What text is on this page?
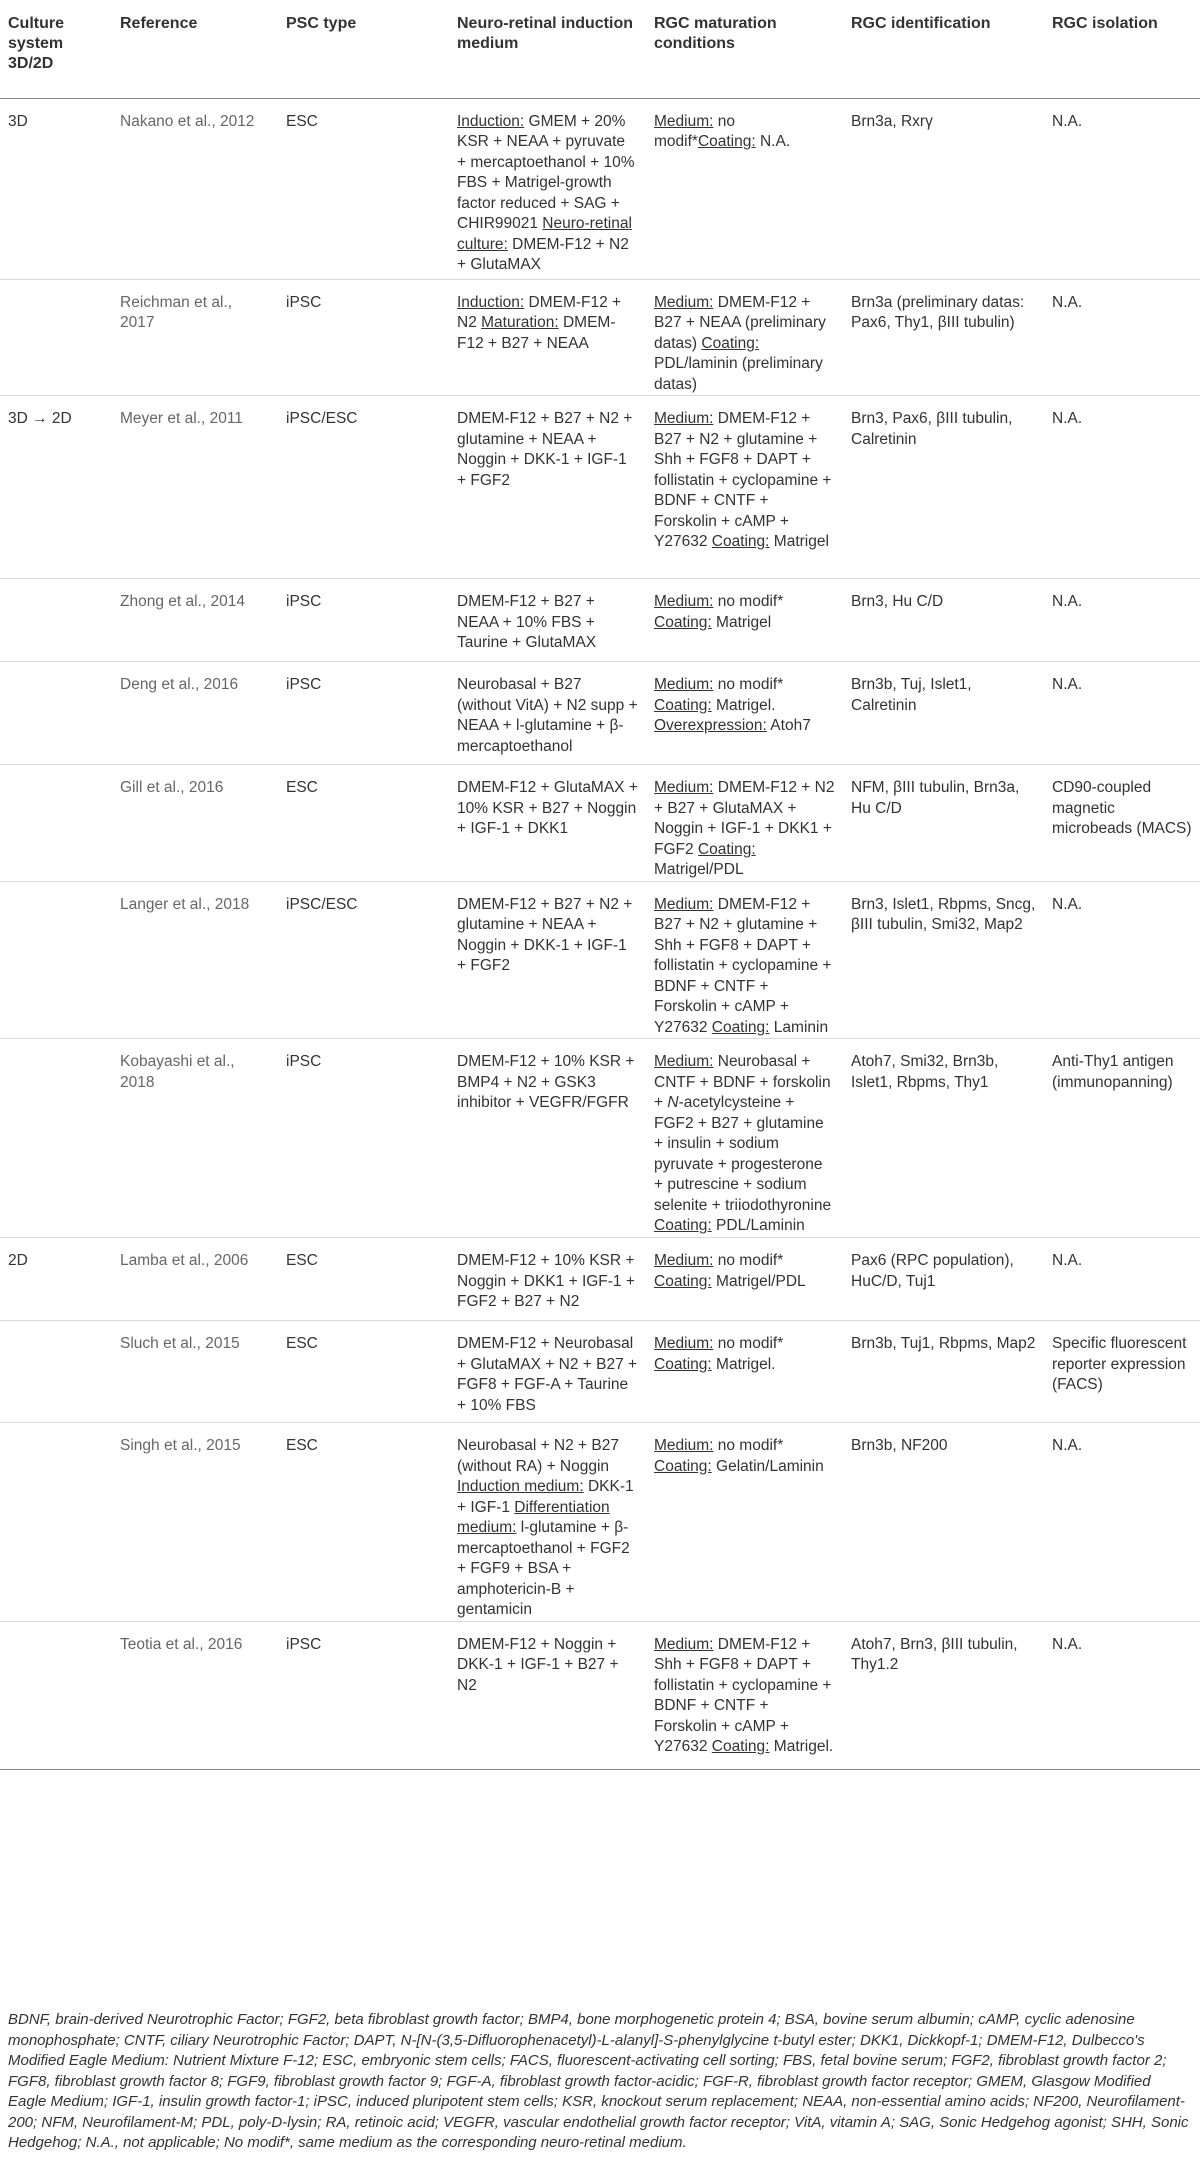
Culture system 3D/2D	Reference	PSC type	Neuro-retinal induction medium	RGC maturation conditions	RGC identification	RGC isolation
3D	Nakano et al., 2012	ESC	Induction: GMEM + 20% KSR + NEAA + pyruvate + mercaptoethanol + 10% FBS + Matrigel-growth factor reduced + SAG + CHIR99021 Neuro-retinal culture: DMEM-F12 + N2 + GlutaMAX	Medium: no modif*Coating: N.A.	Brn3a, Rxrγ	N.A.
	Reichman et al., 2017	iPSC	Induction: DMEM-F12 + N2 Maturation: DMEM-F12 + B27 + NEAA	Medium: DMEM-F12 + B27 + NEAA (preliminary datas) Coating: PDL/laminin (preliminary datas)	Brn3a (preliminary datas: Pax6, Thy1, βIII tubulin)	N.A.
3D → 2D	Meyer et al., 2011	iPSC/ESC	DMEM-F12 + B27 + N2 + glutamine + NEAA + Noggin + DKK-1 + IGF-1 + FGF2	Medium: DMEM-F12 + B27 + N2 + glutamine + Shh + FGF8 + DAPT + follistatin + cyclopamine + BDNF + CNTF + Forskolin + cAMP + Y27632 Coating: Matrigel	Brn3, Pax6, βIII tubulin, Calretinin	N.A.
	Zhong et al., 2014	iPSC	DMEM-F12 + B27 + NEAA + 10% FBS + Taurine + GlutaMAX	Medium: no modif* Coating: Matrigel	Brn3, Hu C/D	N.A.
	Deng et al., 2016	iPSC	Neurobasal + B27 (without VitA) + N2 supp + NEAA + l-glutamine + β-mercaptoethanol	Medium: no modif* Coating: Matrigel. Overexpression: Atoh7	Brn3b, Tuj, Islet1, Calretinin	N.A.
	Gill et al., 2016	ESC	DMEM-F12 + GlutaMAX + 10% KSR + B27 + Noggin + IGF-1 + DKK1	Medium: DMEM-F12 + N2 + B27 + GlutaMAX + Noggin + IGF-1 + DKK1 + FGF2 Coating: Matrigel/PDL	NFM, βIII tubulin, Brn3a, Hu C/D	CD90-coupled magnetic microbeads (MACS)
	Langer et al., 2018	iPSC/ESC	DMEM-F12 + B27 + N2 + glutamine + NEAA + Noggin + DKK-1 + IGF-1 + FGF2	Medium: DMEM-F12 + B27 + N2 + glutamine + Shh + FGF8 + DAPT + follistatin + cyclopamine + BDNF + CNTF + Forskolin + cAMP + Y27632 Coating: Laminin	Brn3, Islet1, Rbpms, Sncg, βIII tubulin, Smi32, Map2	N.A.
	Kobayashi et al., 2018	iPSC	DMEM-F12 + 10% KSR + BMP4 + N2 + GSK3 inhibitor + VEGFR/FGFR	Medium: Neurobasal + CNTF + BDNF + forskolin + N-acetylcysteine + FGF2 + B27 + glutamine + insulin + sodium pyruvate + progesterone + putrescine + sodium selenite + triiodothyronine Coating: PDL/Laminin	Atoh7, Smi32, Brn3b, Islet1, Rbpms, Thy1	Anti-Thy1 antigen (immunopanning)
2D	Lamba et al., 2006	ESC	DMEM-F12 + 10% KSR + Noggin + DKK1 + IGF-1 + FGF2 + B27 + N2	Medium: no modif* Coating: Matrigel/PDL	Pax6 (RPC population), HuC/D, Tuj1	N.A.
	Sluch et al., 2015	ESC	DMEM-F12 + Neurobasal + GlutaMAX + N2 + B27 + FGF8 + FGF-A + Taurine + 10% FBS	Medium: no modif* Coating: Matrigel.	Brn3b, Tuj1, Rbpms, Map2	Specific fluorescent reporter expression (FACS)
	Singh et al., 2015	ESC	Neurobasal + N2 + B27 (without RA) + Noggin Induction medium: DKK-1 + IGF-1 Differentiation medium: l-glutamine + β-mercaptoethanol + FGF2 + FGF9 + BSA + amphotericin-B + gentamicin	Medium: no modif* Coating: Gelatin/Laminin	Brn3b, NF200	N.A.
	Teotia et al., 2016	iPSC	DMEM-F12 + Noggin + DKK-1 + IGF-1 + B27 + N2	Medium: DMEM-F12 + Shh + FGF8 + DAPT + follistatin + cyclopamine + BDNF + CNTF + Forskolin + cAMP + Y27632 Coating: Matrigel.	Atoh7, Brn3, βIII tubulin, Thy1.2	N.A.
BDNF, brain-derived Neurotrophic Factor; FGF2, beta fibroblast growth factor; BMP4, bone morphogenetic protein 4; BSA, bovine serum albumin; cAMP, cyclic adenosine monophosphate; CNTF, ciliary Neurotrophic Factor; DAPT, N-[N-(3,5-Difluorophenacetyl)-L-alanyl]-S-phenylglycine t-butyl ester; DKK1, Dickkopf-1; DMEM-F12, Dulbecco's Modified Eagle Medium: Nutrient Mixture F-12; ESC, embryonic stem cells; FACS, fluorescent-activating cell sorting; FBS, fetal bovine serum; FGF2, fibroblast growth factor 2; FGF8, fibroblast growth factor 8; FGF9, fibroblast growth factor 9; FGF-A, fibroblast growth factor-acidic; FGF-R, fibroblast growth factor receptor; GMEM, Glasgow Modified Eagle Medium; IGF-1, insulin growth factor-1; iPSC, induced pluripotent stem cells; KSR, knockout serum replacement; NEAA, non-essential amino acids; NF200, Neurofilament-200; NFM, Neurofilament-M; PDL, poly-D-lysin; RA, retinoic acid; VEGFR, vascular endothelial growth factor receptor; VitA, vitamin A; SAG, Sonic Hedgehog agonist; SHH, Sonic Hedgehog; N.A., not applicable; No modif*, same medium as the corresponding neuro-retinal medium.
